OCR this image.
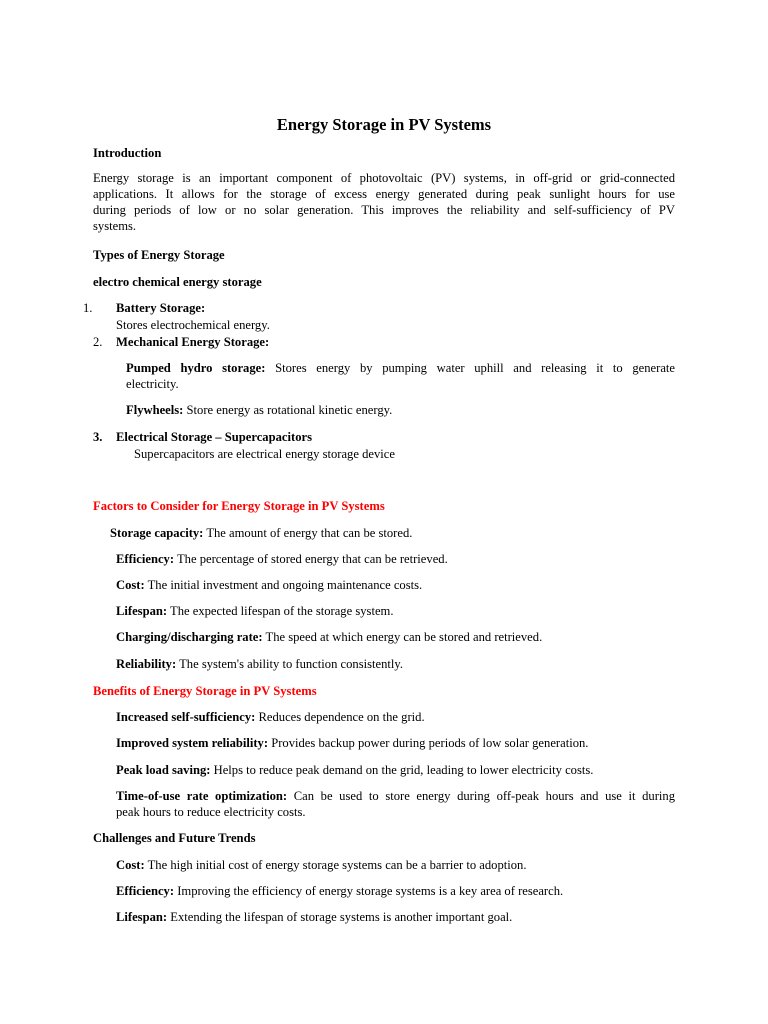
Energy Storage in PV Systems
Introduction
Energy storage is an important component of photovoltaic (PV) systems, in off-grid or grid-connected
applications. It allows for the storage of excess energy generated during peak sunlight hours for use
during periods of low or no solar generation. This improves the reliability and self-sufficiency of PV
systems.
Types of Energy Storage
electro chemical energy storage
1. Battery Storage:
Stores electrochemical energy.
2. Mechanical Energy Storage:
Pumped hydro storage: Stores energy by pumping water uphill and releasing it to generate
electricity.
Flywheels: Store energy as rotational kinetic energy.
3. Electrical Storage – Supercapacitors
Supercapacitors are electrical energy storage device
Factors to Consider for Energy Storage in PV Systems
Storage capacity: The amount of energy that can be stored.
Efficiency: The percentage of stored energy that can be retrieved.
Cost: The initial investment and ongoing maintenance costs.
Lifespan: The expected lifespan of the storage system.
Charging/discharging rate: The speed at which energy can be stored and retrieved.
Reliability: The system's ability to function consistently.
Benefits of Energy Storage in PV Systems
Increased self-sufficiency: Reduces dependence on the grid.
Improved system reliability: Provides backup power during periods of low solar generation.
Peak load saving: Helps to reduce peak demand on the grid, leading to lower electricity costs.
Time-of-use rate optimization: Can be used to store energy during off-peak hours and use it during
peak hours to reduce electricity costs.
Challenges and Future Trends
Cost: The high initial cost of energy storage systems can be a barrier to adoption.
Efficiency: Improving the efficiency of energy storage systems is a key area of research.
Lifespan: Extending the lifespan of storage systems is another important goal.
